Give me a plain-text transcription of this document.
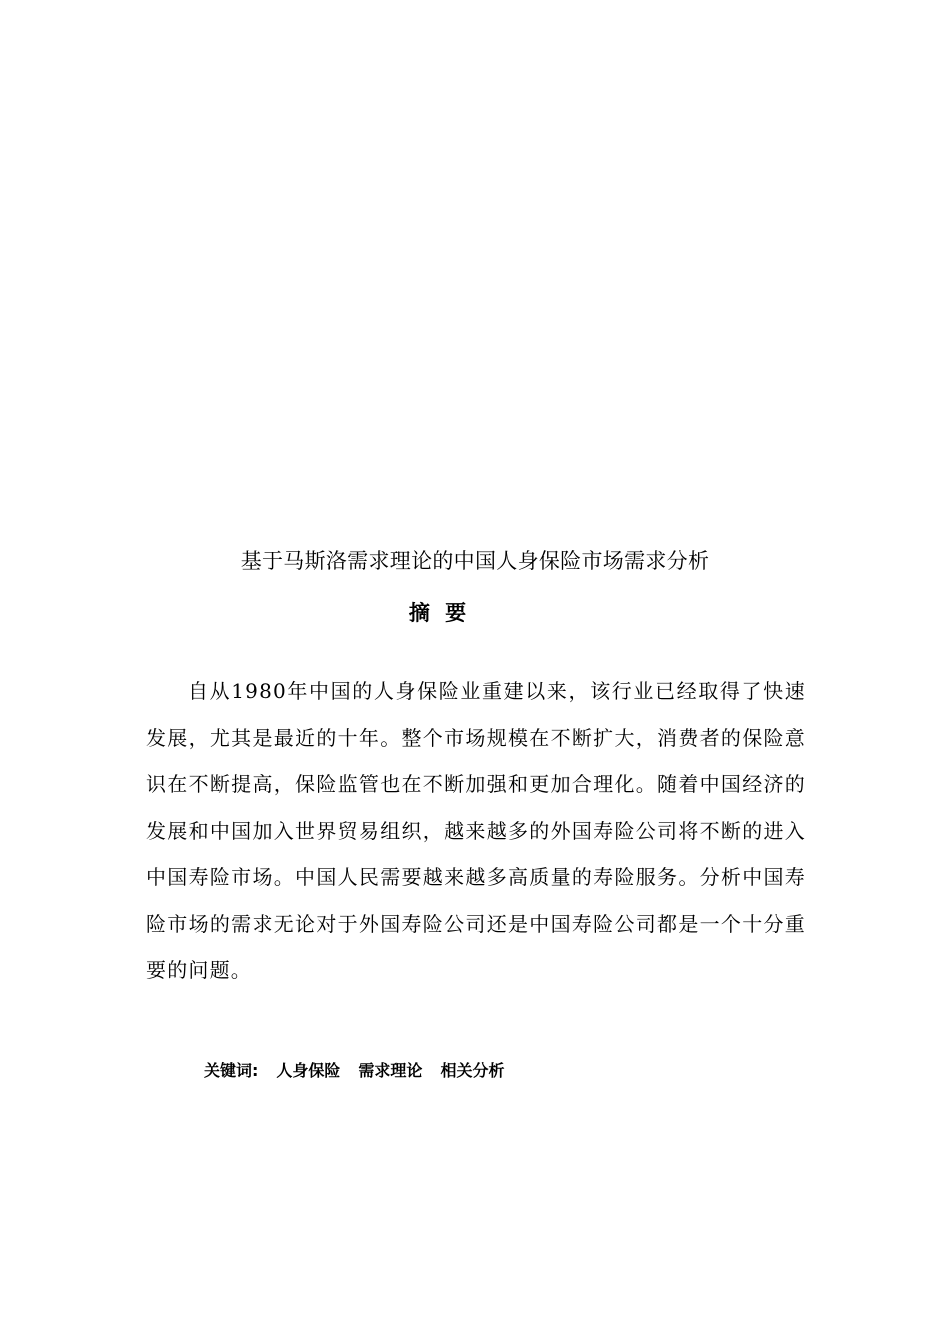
基于马斯洛需求理论的中国人身保险市场需求分析
摘 要

自从1980年中国的人身保险业重建以来，该行业已经取得了快速发展，尤其是最近的十年。整个市场规模在不断扩大，消费者的保险意识在不断提高，保险监管也在不断加强和更加合理化。随着中国经济的发展和中国加入世界贸易组织，越来越多的外国寿险公司将不断的进入中国寿险市场。中国人民需要越来越多高质量的寿险服务。分析中国寿险市场的需求无论对于外国寿险公司还是中国寿险公司都是一个十分重要的问题。

关键词: 人身保险 需求理论 相关分析
